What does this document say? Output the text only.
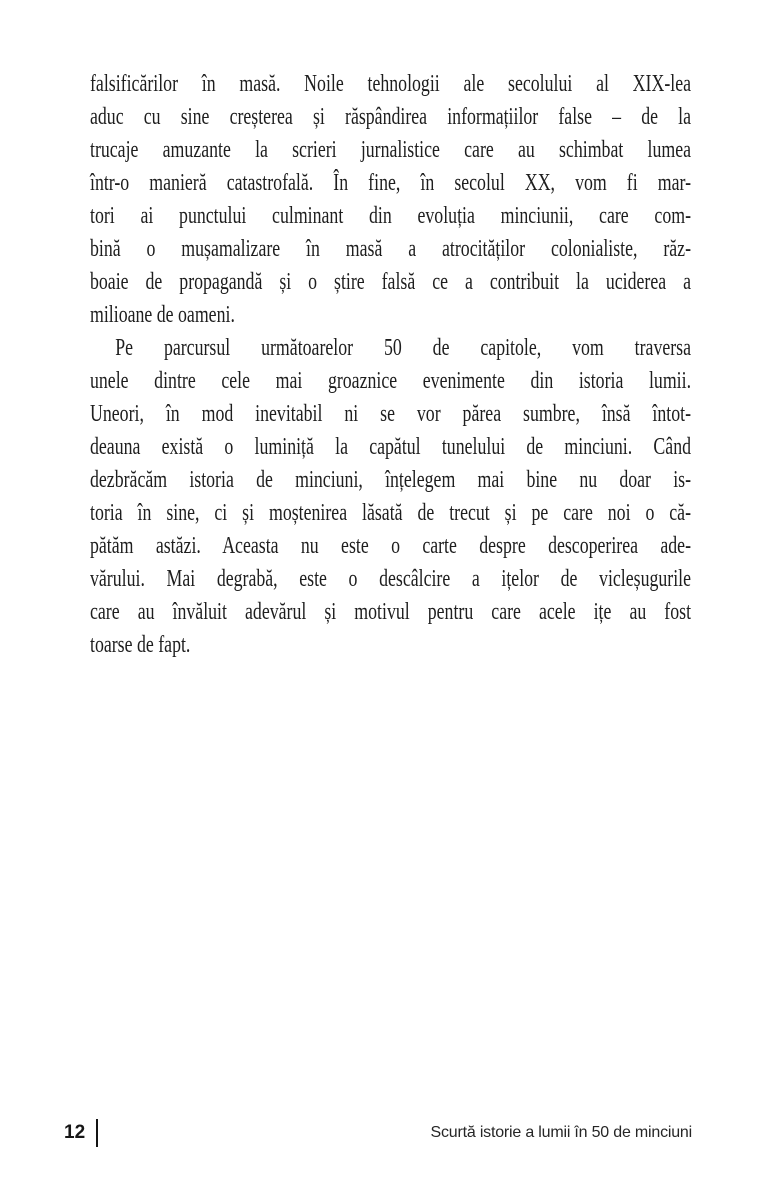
falsificărilor în masă. Noile tehnologii ale secolului al XIX-lea
aduc cu sine creșterea și răspândirea informațiilor false – de la
trucaje amuzante la scrieri jurnalistice care au schimbat lumea
într-o manieră catastrofală. În fine, în secolul XX, vom fi mar-
tori ai punctului culminant din evoluția minciunii, care com-
bină o mușamalizare în masă a atrocităților colonialiste, răz-
boaie de propagandă și o știre falsă ce a contribuit la uciderea a
milioane de oameni.
Pe parcursul următoarelor 50 de capitole, vom traversa
unele dintre cele mai groaznice evenimente din istoria lumii.
Uneori, în mod inevitabil ni se vor părea sumbre, însă întot-
deauna există o luminiță la capătul tunelului de minciuni. Când
dezbrăcăm istoria de minciuni, înțelegem mai bine nu doar is-
toria în sine, ci și moștenirea lăsată de trecut și pe care noi o că-
pătăm astăzi. Aceasta nu este o carte despre descoperirea ade-
vărului. Mai degrabă, este o descâlcire a ițelor de vicleșugurile
care au învăluit adevărul și motivul pentru care acele ițe au fost
toarse de fapt.
12	Scurtă istorie a lumii în 50 de minciuni
